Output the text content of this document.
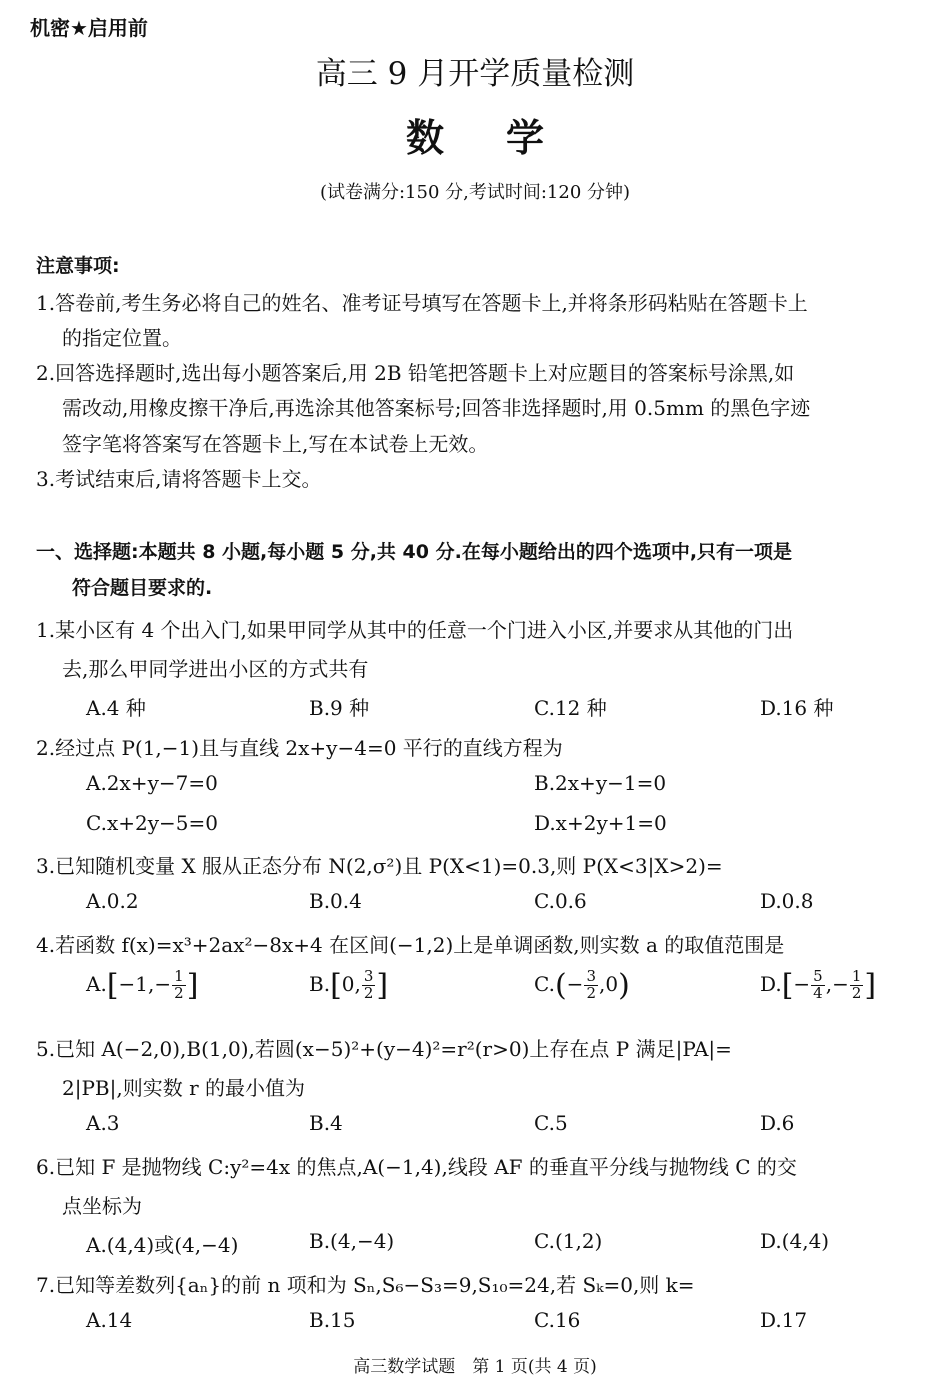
机密★启用前
高三 9 月开学质量检测
数学
(试卷满分:150 分,考试时间:120 分钟)
注意事项:
1.答卷前,考生务必将自己的姓名、准考证号填写在答题卡上,并将条形码粘贴在答题卡上
的指定位置。
2.回答选择题时,选出每小题答案后,用 2B 铅笔把答题卡上对应题目的答案标号涂黑,如
需改动,用橡皮擦干净后,再选涂其他答案标号;回答非选择题时,用 0.5mm 的黑色字迹
签字笔将答案写在答题卡上,写在本试卷上无效。
3.考试结束后,请将答题卡上交。
一、选择题:本题共 8 小题,每小题 5 分,共 40 分.在每小题给出的四个选项中,只有一项是
符合题目要求的.
1.某小区有 4 个出入门,如果甲同学从其中的任意一个门进入小区,并要求从其他的门出
去,那么甲同学进出小区的方式共有
A.4 种	B.9 种	C.12 种	D.16 种
2.经过点 P(1,−1)且与直线 2x+y−4=0 平行的直线方程为
A.2x+y−7=0	B.2x+y−1=0
C.x+2y−5=0	D.x+2y+1=0
3.已知随机变量 X 服从正态分布 N(2,σ²)且 P(X<1)=0.3,则 P(X<3|X>2)=
A.0.2	B.0.4	C.0.6	D.0.8
4.若函数 f(x)=x³+2ax²−8x+4 在区间(−1,2)上是单调函数,则实数 a 的取值范围是
$A.[-1,- \frac{1}{2}$ ]	B.[0, $\frac{3}{2}$ ]	$C.(- \frac{3}{2} ,0)$	$D.[- \frac{5}{4}$ ,− $\frac{1}{2}$ ]
5.已知 A(−2,0),B(1,0),若圆(x−5)²+(y−4)²=r²(r>0)上存在点 P 满足|PA|=
2|PB|,则实数 r 的最小值为
A.3	B.4	C.5	D.6
6.已知 F 是抛物线 C:y²=4x 的焦点,A(−1,4),线段 AF 的垂直平分线与抛物线 C 的交
点坐标为
A.(4,4)或(4,−4)	B.(4,−4)	C.(1,2)	D.(4,4)
7.已知等差数列{aₙ}的前 n 项和为 Sₙ,S₆−S₃=9,S₁₀=24,若 Sₖ=0,则 k=
A.14	B.15	C.16	D.17
高三数学试题　第 1 页(共 4 页)
